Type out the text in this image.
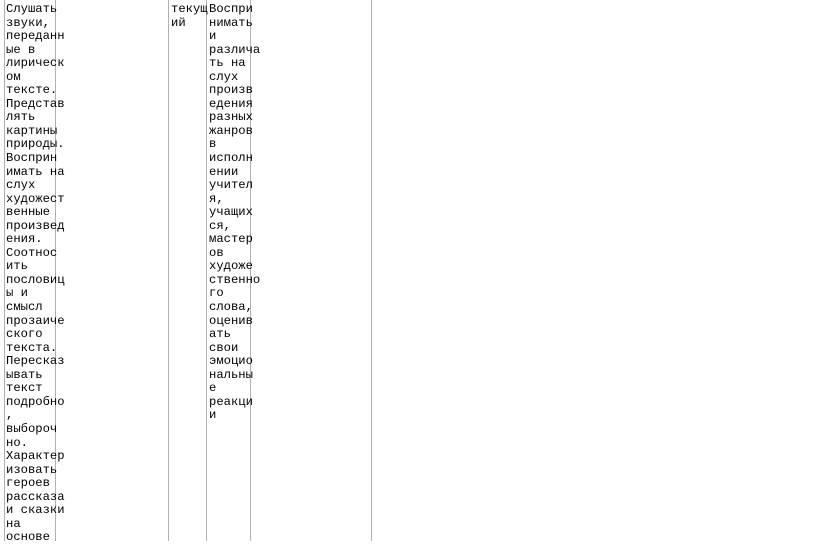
Слушать
звуки,
переданн
ые в
лирическ
ом
тексте.
Представ
лять
картины
природы.
Восприн
имать на
слух
художест
венные
произвед
ения.
Соотнос
ить
пословиц
ы и
смысл
прозаиче
ского
текста.
Пересказ
ывать
текст
подробно
,
выбороч
но.
Характер
изовать
героев
рассказа
и сказки
на
основе
текущ
ий
Воспри
нимать
и
различа
ть на
слух
произв
едения
разных
жанров
в
исполн
ении
учител
я,
учащих
ся,
мастер
ов
художе
ственно
го
слова,
оценив
ать
свои
эмоцио
нальны
е
реакци
и
